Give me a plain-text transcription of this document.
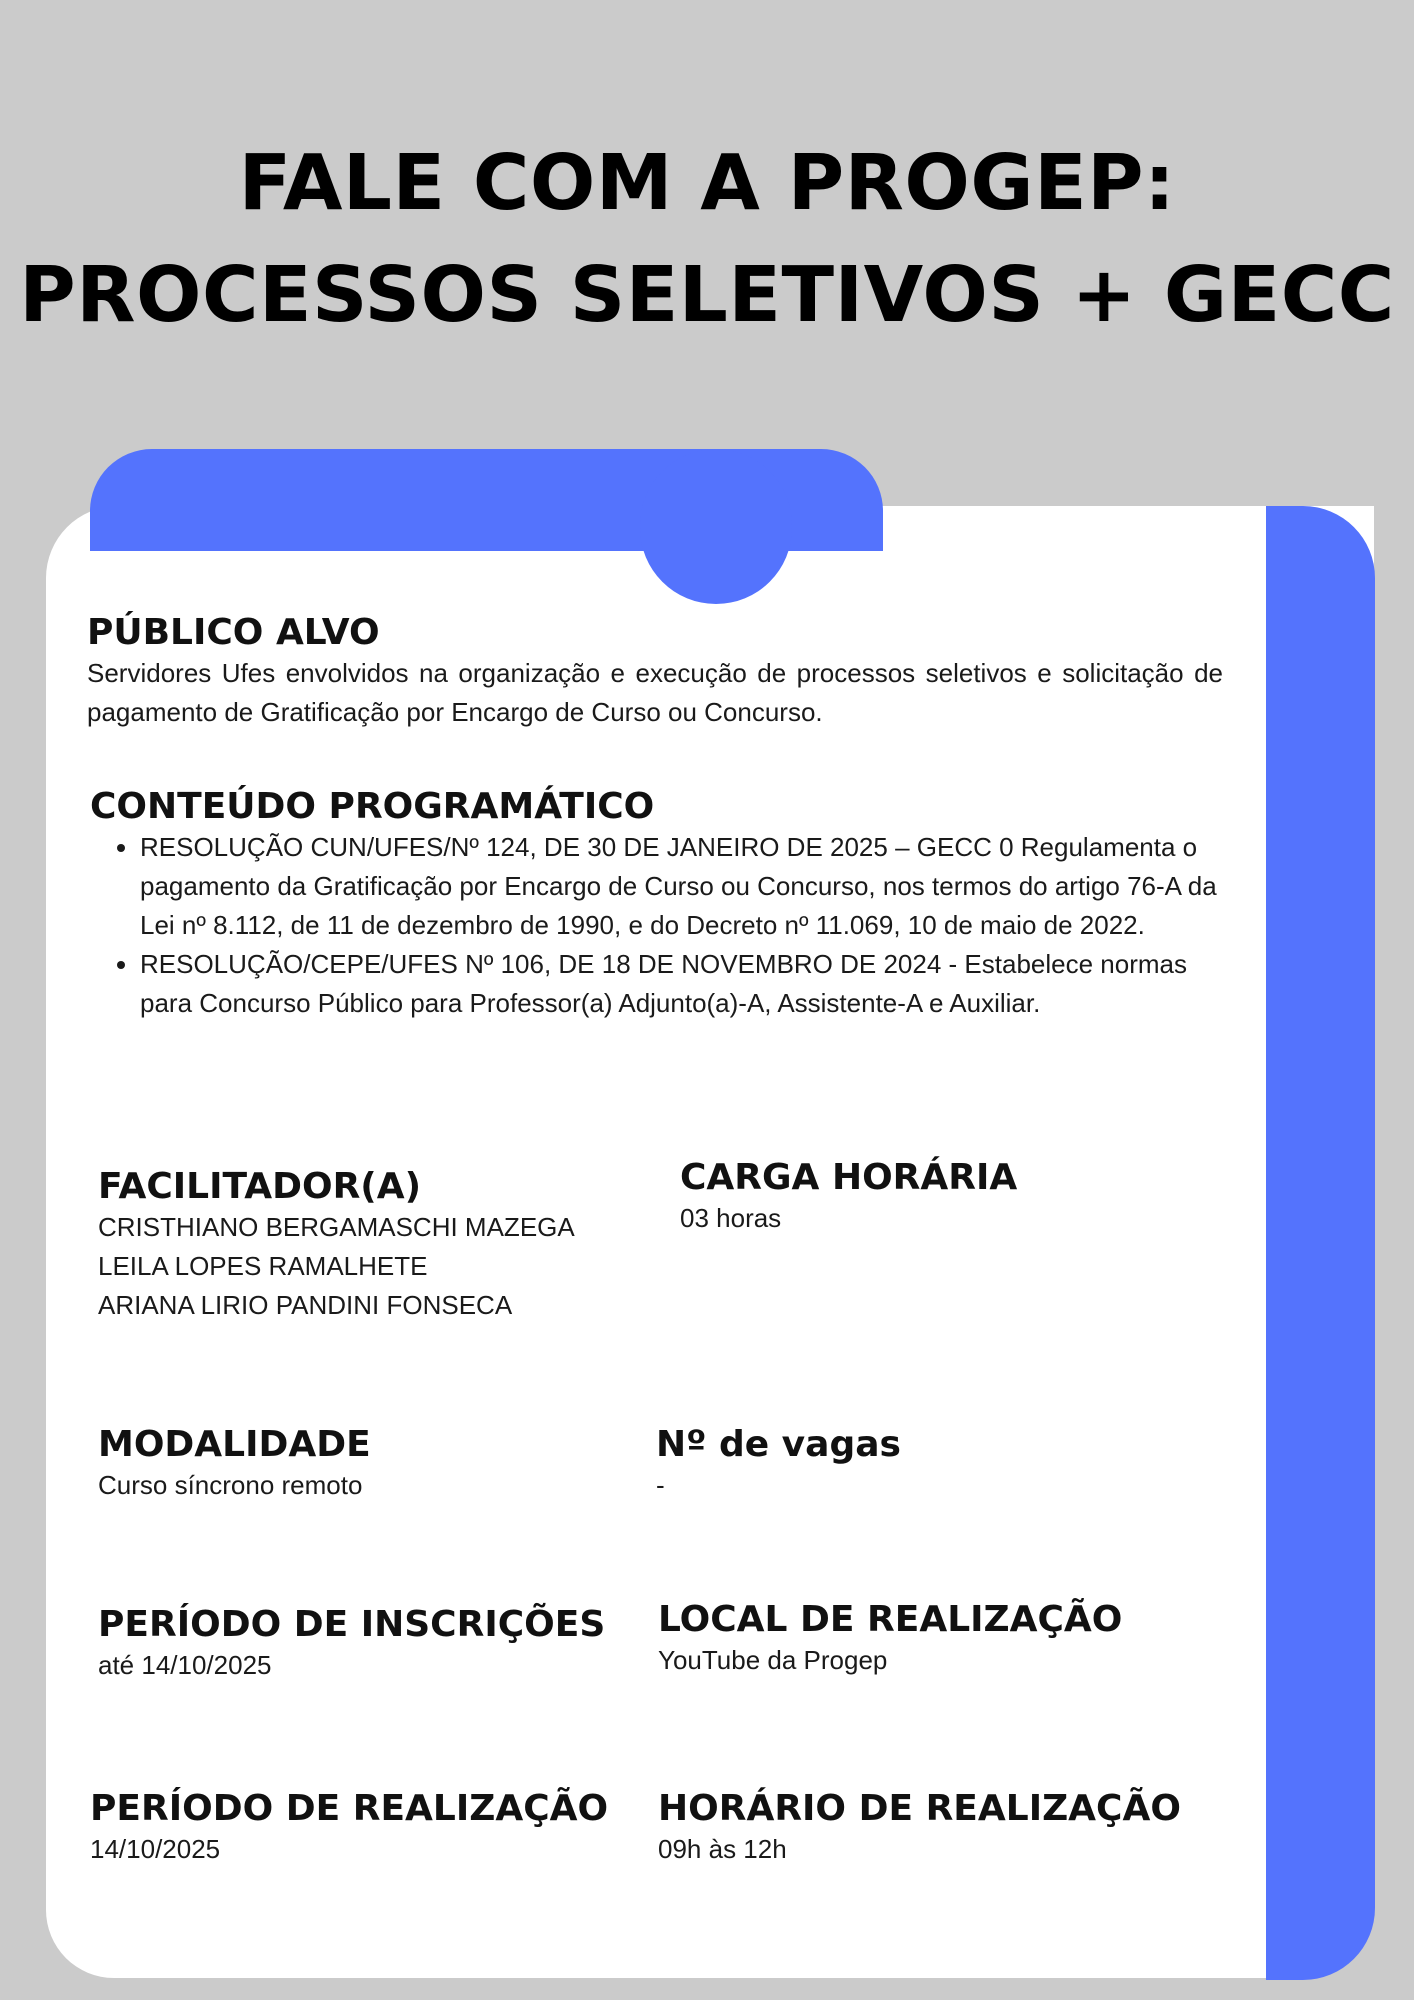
FALE COM A PROGEP:
PROCESSOS SELETIVOS + GECC
PÚBLICO ALVO

Servidores Ufes envolvidos na organização e execução de processos seletivos e solicitação de pagamento de Gratificação por Encargo de Curso ou Concurso.

CONTEÚDO PROGRAMÁTICO
• RESOLUÇÃO CUN/UFES/Nº 124, DE 30 DE JANEIRO DE 2025 – GECC 0 Regulamenta o pagamento da Gratificação por Encargo de Curso ou Concurso, nos termos do artigo 76-A da Lei nº 8.112, de 11 de dezembro de 1990, e do Decreto nº 11.069, 10 de maio de 2022.
• RESOLUÇÃO/CEPE/UFES Nº 106, DE 18 DE NOVEMBRO DE 2024 - Estabelece normas para Concurso Público para Professor(a) Adjunto(a)-A, Assistente-A e Auxiliar.
FACILITADOR(A)

CRISTHIANO BERGAMASCHI MAZEGA
LEILA LOPES RAMALHETE
ARIANA LIRIO PANDINI FONSECA

CARGA HORÁRIA

03 horas

MODALIDADE

Curso síncrono remoto

Nº de vagas

-

PERÍODO DE INSCRIÇÕES

até 14/10/2025

LOCAL DE REALIZAÇÃO

YouTube da Progep

PERÍODO DE REALIZAÇÃO

14/10/2025

HORÁRIO DE REALIZAÇÃO

09h às 12h
